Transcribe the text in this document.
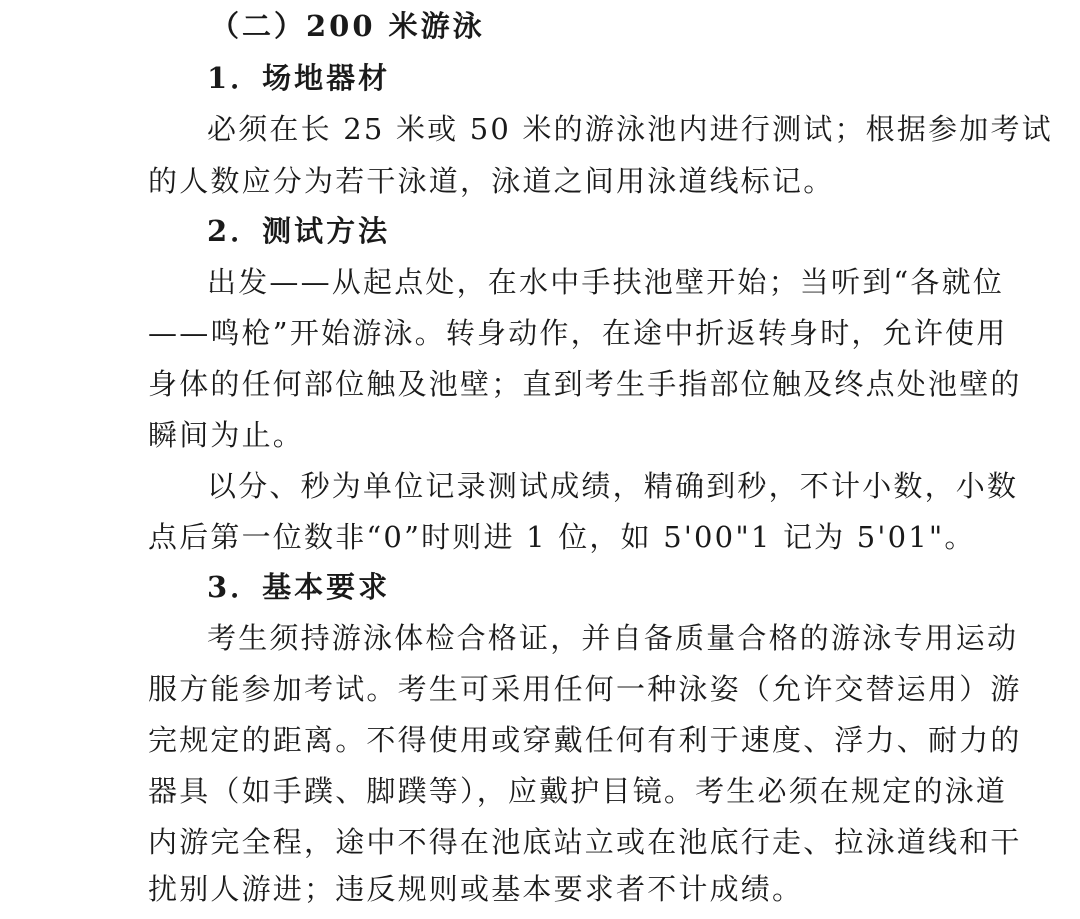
（二）200 米游泳
1．场地器材
必须在长 25 米或 50 米的游泳池内进行测试；根据参加考试
的人数应分为若干泳道，泳道之间用泳道线标记。
2．测试方法
出发——从起点处，在水中手扶池壁开始；当听到“各就位
——鸣枪”开始游泳。转身动作，在途中折返转身时，允许使用
身体的任何部位触及池壁；直到考生手指部位触及终点处池壁的
瞬间为止。
以分、秒为单位记录测试成绩，精确到秒，不计小数，小数
点后第一位数非“0”时则进 1 位，如 5'00"1 记为 5'01"。
3．基本要求
考生须持游泳体检合格证，并自备质量合格的游泳专用运动
服方能参加考试。考生可采用任何一种泳姿（允许交替运用）游
完规定的距离。不得使用或穿戴任何有利于速度、浮力、耐力的
器具（如手蹼、脚蹼等），应戴护目镜。考生必须在规定的泳道
内游完全程，途中不得在池底站立或在池底行走、拉泳道线和干
扰别人游进；违反规则或基本要求者不计成绩。
